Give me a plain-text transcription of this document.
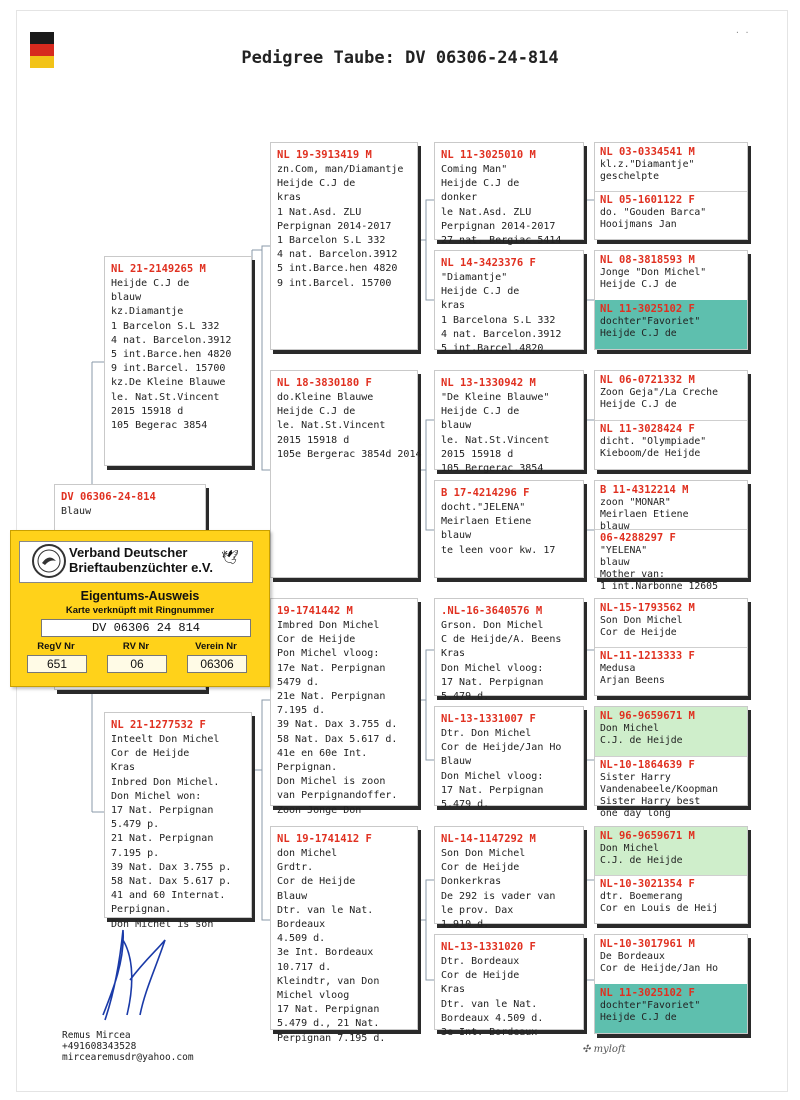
· ·
Pedigree Taube: DV 06306-24-814
DV 06306-24-814
Blauw
NL 21-2149265 M
Heijde C.J de
blauw
kz.Diamantje
1 Barcelon S.L 332
4 nat. Barcelon.3912
5 int.Barce.hen 4820
9 int.Barcel. 15700
kz.De Kleine Blauwe
le. Nat.St.Vincent
2015 15918 d
105 Begerac 3854
NL 21-1277532 F
Inteelt Don Michel
Cor de Heijde
Kras
Inbred Don Michel.
Don Michel won:
17 Nat. Perpignan
5.479 p.
21 Nat. Perpignan
7.195 p.
39 Nat. Dax 3.755 p.
58 Nat. Dax 5.617 p.
41 and 60 Internat.
Perpignan.
Don Michel is son
NL 19-3913419 M
zn.Com, man/Diamantje
Heijde C.J de
kras
1 Nat.Asd. ZLU
Perpignan 2014-2017
1 Barcelon S.L 332
4 nat. Barcelon.3912
5 int.Barce.hen 4820
9 int.Barcel. 15700
NL 18-3830180 F
do.Kleine Blauwe
Heijde C.J de
le. Nat.St.Vincent
2015 15918 d
105e Bergerac 3854d 2014
19-1741442 M
Imbred Don Michel
Cor de Heijde
Pon Michel vloog:
17e Nat. Perpignan
5479 d.
21e Nat. Perpignan
7.195 d.
39 Nat. Dax 3.755 d.
58 Nat. Dax 5.617 d.
41e en 60e Int.
Perpignan.
Don Michel is zoon
van Perpignandoffer.
Zoon Jonge Don
NL 19-1741412 F
don Michel
Grdtr.
Cor de Heijde
Blauw
Dtr. van le Nat.
Bordeaux
4.509 d.
3e Int. Bordeaux
10.717 d.
Kleindtr, van Don
Michel vloog
17 Nat. Perpignan
5.479 d., 21 Nat.
Perpignan 7.195 d.
NL 11-3025010 M
Coming Man"
Heijde C.J de
donker
le Nat.Asd. ZLU
Perpignan 2014-2017
27 nat. Bergiac 5414
NL 14-3423376 F
"Diamantje"
Heijde C.J de
kras
1 Barcelona S.L 332
4 nat. Barcelon.3912
5 int.Barcel.4820
NL 13-1330942 M
"De Kleine Blauwe"
Heijde C.J de
blauw
le. Nat.St.Vincent
2015 15918 d
105 Bergerac 3854
B 17-4214296 F
docht."JELENA"
Meirlaen Etiene
blauw
te leen voor kw. 17
.NL-16-3640576 M
Grson. Don Michel
C de Heijde/A. Beens
Kras
Don Michel vloog:
17 Nat. Perpignan
5.479 d.
NL-13-1331007 F
Dtr. Don Michel
Cor de Heijde/Jan Ho
Blauw
Don Michel vloog:
17 Nat. Perpignan
5.479 d.
NL-14-1147292 M
Son Don Michel
Cor de Heijde
Donkerkras
De 292 is vader van
le prov. Dax
1.910 d.
NL-13-1331020 F
Dtr. Bordeaux
Cor de Heijde
Kras
Dtr. van le Nat.
Bordeaux 4.509 d.
3e Int. Bordeaux
NL 03-0334541 M
kl.z."Diamantje"
geschelpte
NL 05-1601122 F
do. "Gouden Barca"
Hooijmans Jan
NL 08-3818593 M
Jonge "Don Michel"
Heijde C.J de
NL 11-3025102 F
dochter"Favoriet"
Heijde C.J de
NL 06-0721332 M
Zoon Geja"/La Creche
Heijde C.J de
NL 11-3028424 F
dicht. "Olympiade"
Kieboom/de Heijde
B 11-4312214 M
zoon "MONAR"
Meirlaen Etiene
blauw
06-4288297 F
"YELENA"
blauw
Mother van:
1 int.Narbonne 12605
NL-15-1793562 M
Son Don Michel
Cor de Heijde
NL-11-1213333 F
Medusa
Arjan Beens
NL 96-9659671 M
Don Michel
C.J. de Heijde
NL-10-1864639 F
Sister Harry
Vandenabeele/Koopman
Sister Harry best
one day long
NL 96-9659671 M
Don Michel
C.J. de Heijde
NL-10-3021354 F
dtr. Boemerang
Cor en Louis de Heij
NL-10-3017961 M
De Bordeaux
Cor de Heijde/Jan Ho
NL 11-3025102 F
dochter"Favoriet"
Heijde C.J de
Verband Deutscher
Brieftaubenzüchter e.V.
🕊
Eigentums-Ausweis
Karte verknüpft mit Ringnummer
DV 06306 24 814
RegV Nr	RV Nr	Verein Nr
651	06	06306
Remus Mircea
+4916083435​28
mircearemusdr@yahoo.com
✣ myloft
